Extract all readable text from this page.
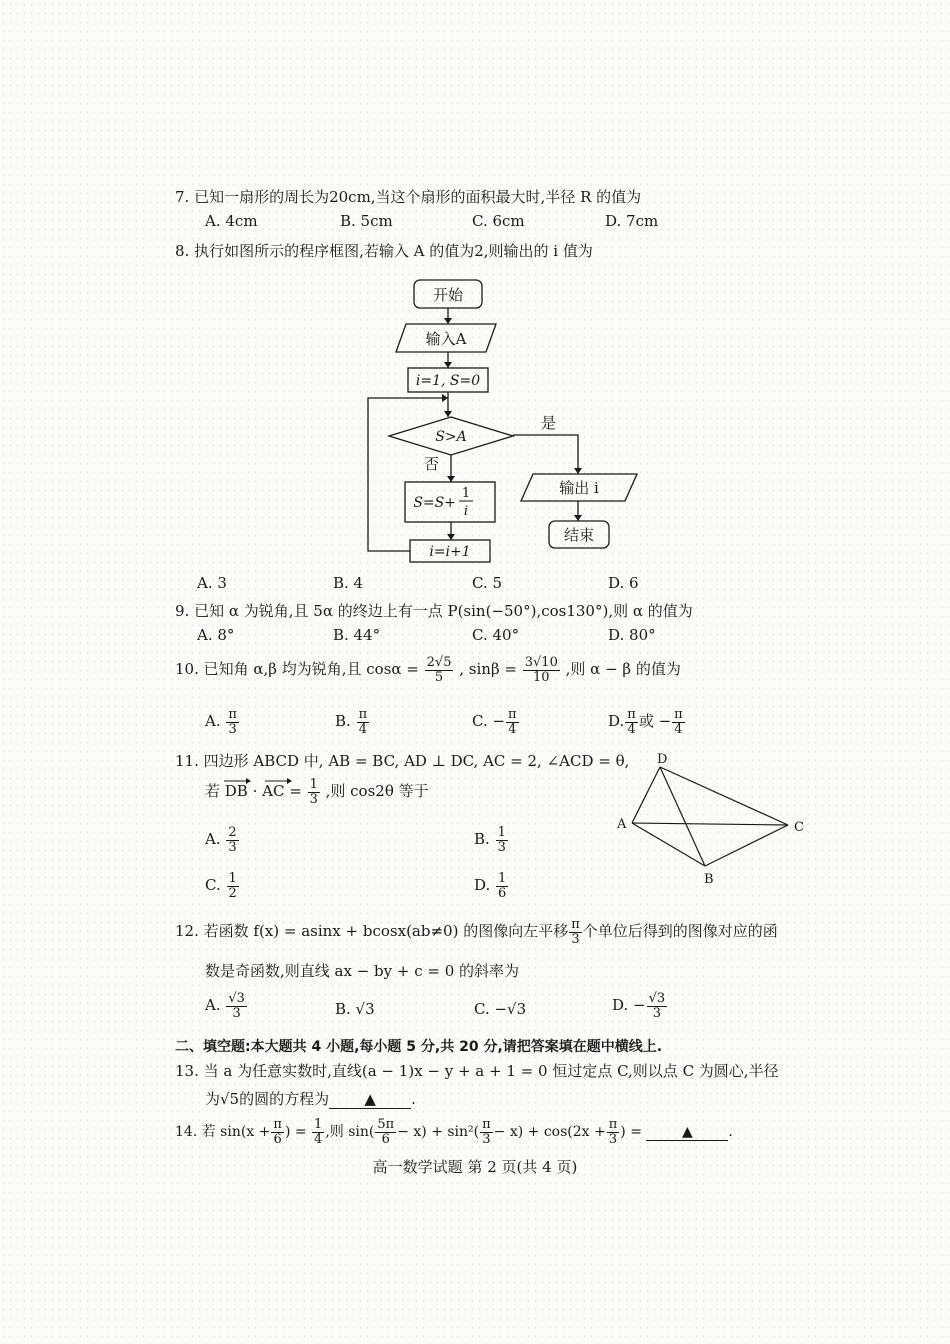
7. 已知一扇形的周长为20cm,当这个扇形的面积最大时,半径 R 的值为
A. 4cm	B. 5cm	C. 6cm	D. 7cm
8. 执行如图所示的程序框图,若输入 A 的值为2,则输出的 i 值为
开始
输入A
i=1, S=0
S>A
是
否
S=S+
1
i
i=i+1
输出 i
结束
A. 3	B. 4	C. 5	D. 6
9. 已知 α 为锐角,且 5α 的终边上有一点 P(sin(−50°),cos130°),则 α 的值为
A. 8°	B. 44°	C. 40°	D. 80°
10. 已知角 α,β 均为锐角,且 $\cos\alpha = \frac{2√5}{5}$ , $\sin\beta = \frac{3√10}{10}$ ,则 α − β 的值为
A. $\frac{\pi}{3}$	B. $\frac{\pi}{4}$	C. − $\frac{\pi}{4}$	D. $\frac{\pi}{4}$ 或 − $\frac{\pi}{4}$
11. 四边形 ABCD 中, AB = BC, AD ⊥ DC, AC = 2, ∠ACD = θ,
若 DB · AC = $\frac{1}{3}$ ,则 cos2θ 等于
A. $\frac{2}{3}$	B. $\frac{1}{3}$
C. $\frac{1}{2}$	D. $\frac{1}{6}$
D
A	C
B
12. 若函数 f(x) = asinx + bcosx(ab≠0) 的图像向左平移 $\frac{\pi}{3}$ 个单位后得到的图像对应的函
数是奇函数,则直线 ax − by + c = 0 的斜率为
A. $\frac{√3}{3}$	B. √3	C. −√3	D. − $\frac{√3}{3}$
二、填空题:本大题共 4 小题,每小题 5 分,共 20 分,请把答案填在题中横线上.
13. 当 a 为任意实数时,直线(a − 1)x − y + a + 1 = 0 恒过定点 C,则以点 C 为圆心,半径
为√5的圆的方程为 ▲ .
14. 若 $\sin(x + \frac{\pi}{6}$ ) = $\frac{1}{4}$ ,则 $\sin( \frac{5\pi}{6} - x) + \sin^2( \frac{\pi}{3} - x) + \cos(2x + \frac{\pi}{3}$ ) =	▲	.
高一数学试题 第 2 页(共 4 页)
